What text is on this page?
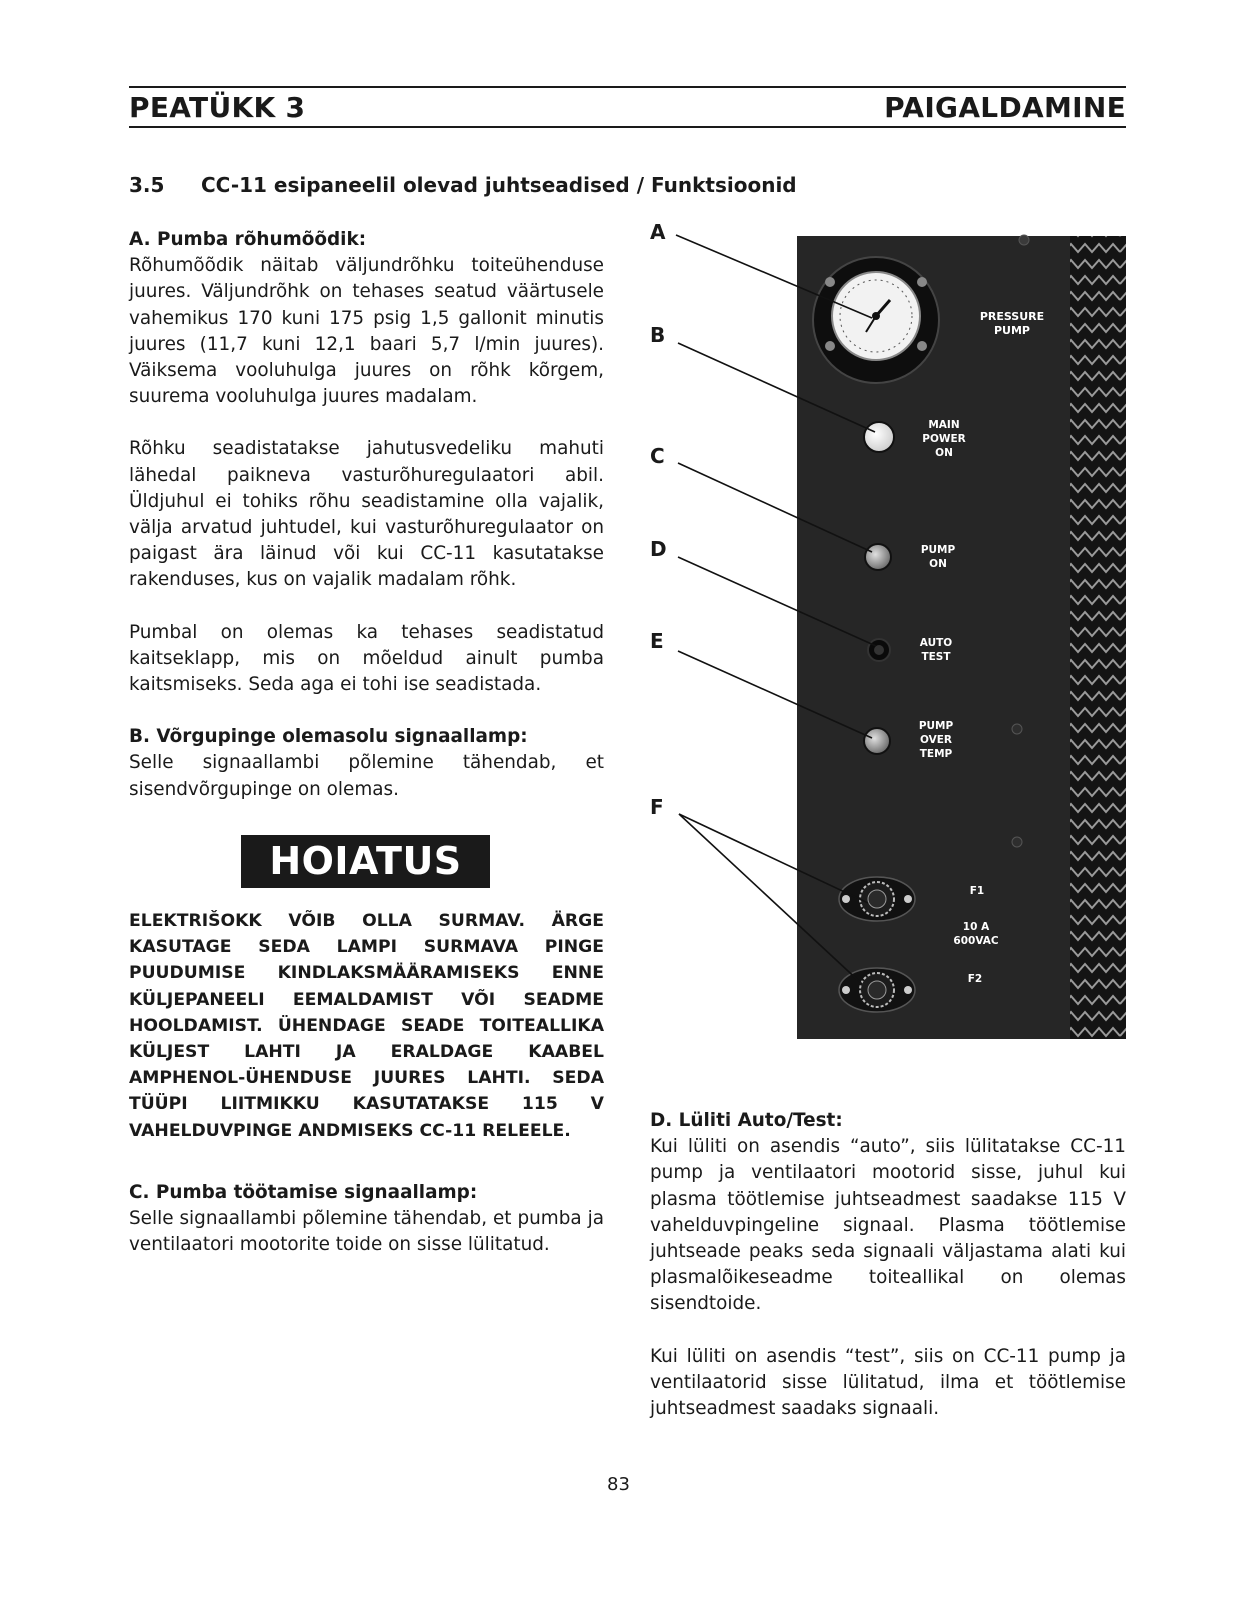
PEATÜKK 3	PAIGALDAMINE
3.5 CC-11 esipaneelil olevad juhtseadised / Funktsioonid

A. Pumba rõhumõõdik:

Rõhumõõdik näitab väljundrõhku toiteühenduse juures. Väljundrõhk on tehases seatud väärtusele vahemikus 170 kuni 175 psig 1,5 gallonit minutis juures (11,7 kuni 12,1 baari 5,7 l/min juures). Väiksema vooluhulga juures on rõhk kõrgem, suurema vooluhulga juures madalam.

Rõhku seadistatakse jahutusvedeliku mahuti lähedal paikneva vasturõhuregulaatori abil. Üldjuhul ei tohiks rõhu seadistamine olla vajalik, välja arvatud juhtudel, kui vasturõhuregulaator on paigast ära läinud või kui CC-11 kasutatakse rakenduses, kus on vajalik madalam rõhk.

Pumbal on olemas ka tehases seadistatud kaitseklapp, mis on mõeldud ainult pumba kaitsmiseks. Seda aga ei tohi ise seadistada.

B. Võrgupinge olemasolu signaallamp:

Selle signaallambi põlemine tähendab, et sisendvõrgupinge on olemas.

HOIATUS
ELEKTRIŠOKK VÕIB OLLA SURMAV. ÄRGE KASUTAGE SEDA LAMPI SURMAVA PINGE PUUDUMISE KINDLAKSMÄÄRAMISEKS ENNE KÜLJEPANEELI EEMALDAMIST VÕI SEADME HOOLDAMIST. ÜHENDAGE SEADE TOITEALLIKA KÜLJEST LAHTI JA ERALDAGE KAABEL AMPHENOL-ÜHENDUSE JUURES LAHTI. SEDA TÜÜPI LIITMIKKU KASUTATAKSE 115 V VAHELDUVPINGE ANDMISEKS CC-11 RELEELE.

C. Pumba töötamise signaallamp:

Selle signaallambi põlemine tähendab, et pumba ja ventilaatori mootorite toide on sisse lülitatud.

A
B
C
D
E
F
PRESSURE
PUMP
MAIN
POWER
ON
PUMP
ON
AUTO
TEST
PUMP
OVER
TEMP
F1
10 A
600VAC
F2

D. Lüliti Auto/Test:

Kui lüliti on asendis “auto”, siis lülitatakse CC-11 pump ja ventilaatori mootorid sisse, juhul kui plasma töötlemise juhtseadmest saadakse 115 V vahelduvpingeline signaal. Plasma töötlemise juhtseade peaks seda signaali väljastama alati kui plasmalõikeseadme toiteallikal on olemas sisendtoide.

Kui lüliti on asendis “test”, siis on CC-11 pump ja ventilaatorid sisse lülitatud, ilma et töötlemise juhtseadmest saadaks signaali.

83
